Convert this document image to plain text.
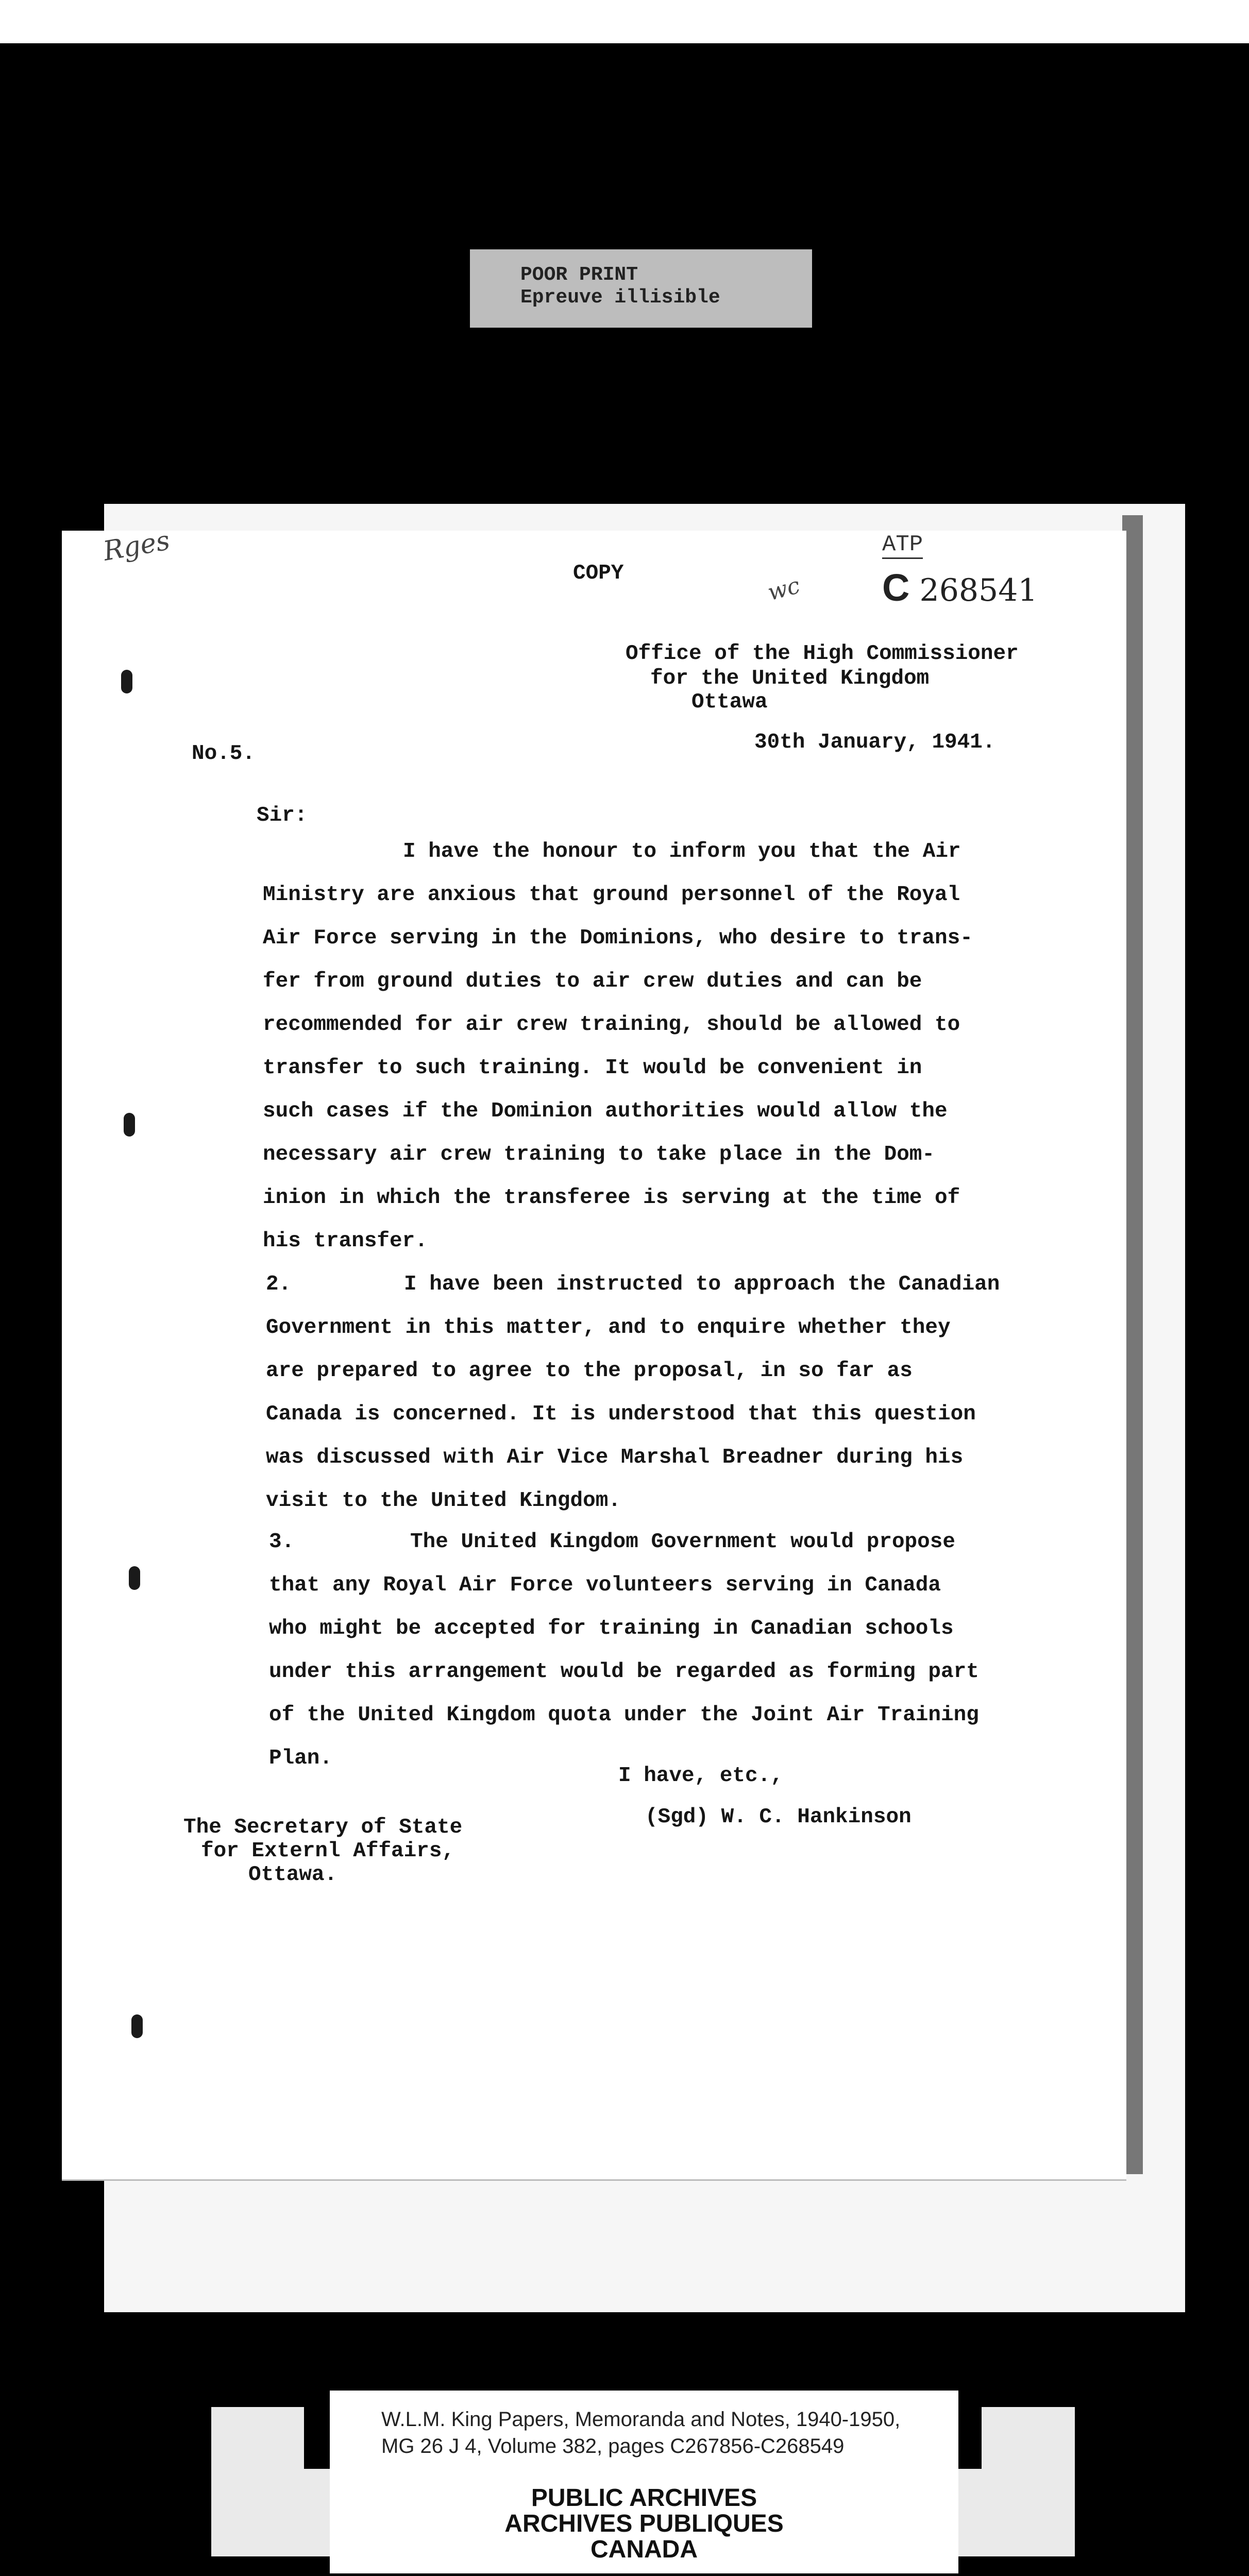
POOR PRINT
Epreuve illisible
Rges
wc
COPY
Office of the High Commissioner
for the United Kingdom
Ottawa
No.5.	30th January, 1941.
Sir:
I have the honour to inform you that the Air
Ministry are anxious that ground personnel of the Royal
Air Force serving in the Dominions, who desire to trans-
fer from ground duties to air crew duties and can be
recommended for air crew training, should be allowed to
transfer to such training. It would be convenient in
such cases if the Dominion authorities would allow the
necessary air crew training to take place in the Dom-
inion in which the transferee is serving at the time of
his transfer.
2.	I have been instructed to approach the Canadian
Government in this matter, and to enquire whether they
are prepared to agree to the proposal, in so far as
Canada is concerned. It is understood that this question
was discussed with Air Vice Marshal Breadner during his
visit to the United Kingdom.
3.	The United Kingdom Government would propose
that any Royal Air Force volunteers serving in Canada
who might be accepted for training in Canadian schools
under this arrangement would be regarded as forming part
of the United Kingdom quota under the Joint Air Training
Plan.
I have, etc.,
(Sgd) W. C. Hankinson
The Secretary of State
for Externl Affairs,
Ottawa.
ATP
C 268541
W.L.M. King Papers, Memoranda and Notes, 1940-1950,
MG 26 J 4, Volume 382, pages C267856-C268549
PUBLIC ARCHIVES
ARCHIVES PUBLIQUES
CANADA
